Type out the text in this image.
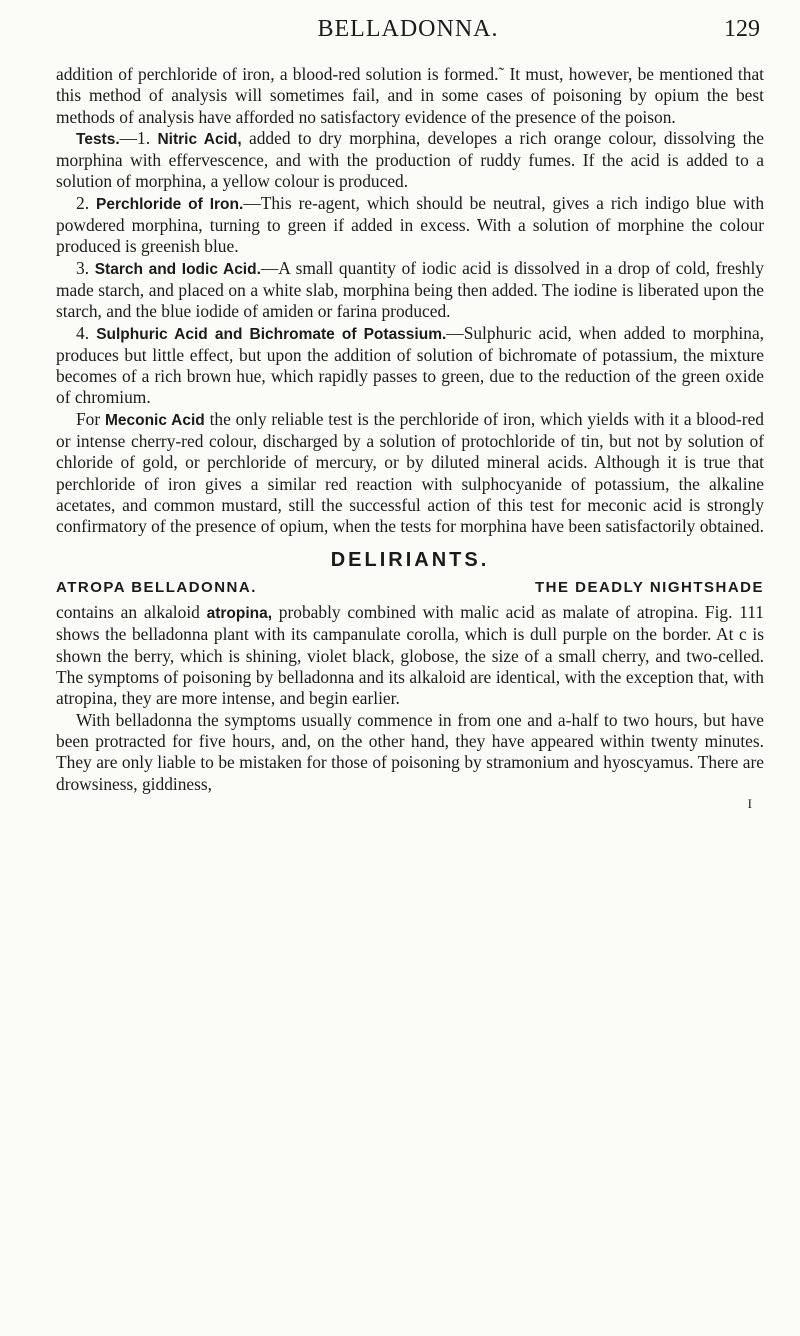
BELLADONNA.	129

addition of perchloride of iron, a blood-red solution is formed.˜ It must, however, be mentioned that this method of analysis will sometimes fail, and in some cases of poisoning by opium the best methods of analysis have afforded no satisfactory evidence of the presence of the poison.

Tests.—1. Nitric Acid, added to dry morphina, developes a rich orange colour, dissolving the morphina with effervescence, and with the production of ruddy fumes. If the acid is added to a solution of morphina, a yellow colour is produced.

2. Perchloride of Iron.—This re-agent, which should be neutral, gives a rich indigo blue with powdered morphina, turning to green if added in excess. With a solution of morphine the colour produced is greenish blue.

3. Starch and Iodic Acid.—A small quantity of iodic acid is dissolved in a drop of cold, freshly made starch, and placed on a white slab, morphina being then added. The iodine is liberated upon the starch, and the blue iodide of amiden or farina produced.

4. Sulphuric Acid and Bichromate of Potassium.—Sulphuric acid, when added to morphina, produces but little effect, but upon the addition of solution of bichromate of potassium, the mixture becomes of a rich brown hue, which rapidly passes to green, due to the reduction of the green oxide of chromium.

For Meconic Acid the only reliable test is the perchloride of iron, which yields with it a blood-red or intense cherry-red colour, discharged by a solution of protochloride of tin, but not by solution of chloride of gold, or perchloride of mercury, or by diluted mineral acids. Although it is true that perchloride of iron gives a similar red reaction with sulphocyanide of potassium, the alkaline acetates, and common mustard, still the successful action of this test for meconic acid is strongly confirmatory of the presence of opium, when the tests for morphina have been satisfactorily obtained.

DELIRIANTS.
ATROPA BELLADONNA.	THE DEADLY NIGHTSHADE

contains an alkaloid atropina, probably combined with malic acid as malate of atropina. Fig. 111 shows the belladonna plant with its campanulate corolla, which is dull purple on the border. At c is shown the berry, which is shining, violet black, globose, the size of a small cherry, and two-celled. The symptoms of poisoning by belladonna and its alkaloid are identical, with the exception that, with atropina, they are more intense, and begin earlier.

With belladonna the symptoms usually commence in from one and a-half to two hours, but have been protracted for five hours, and, on the other hand, they have appeared within twenty minutes. They are only liable to be mistaken for those of poisoning by stramonium and hyoscyamus. There are drowsiness, giddiness,

I
